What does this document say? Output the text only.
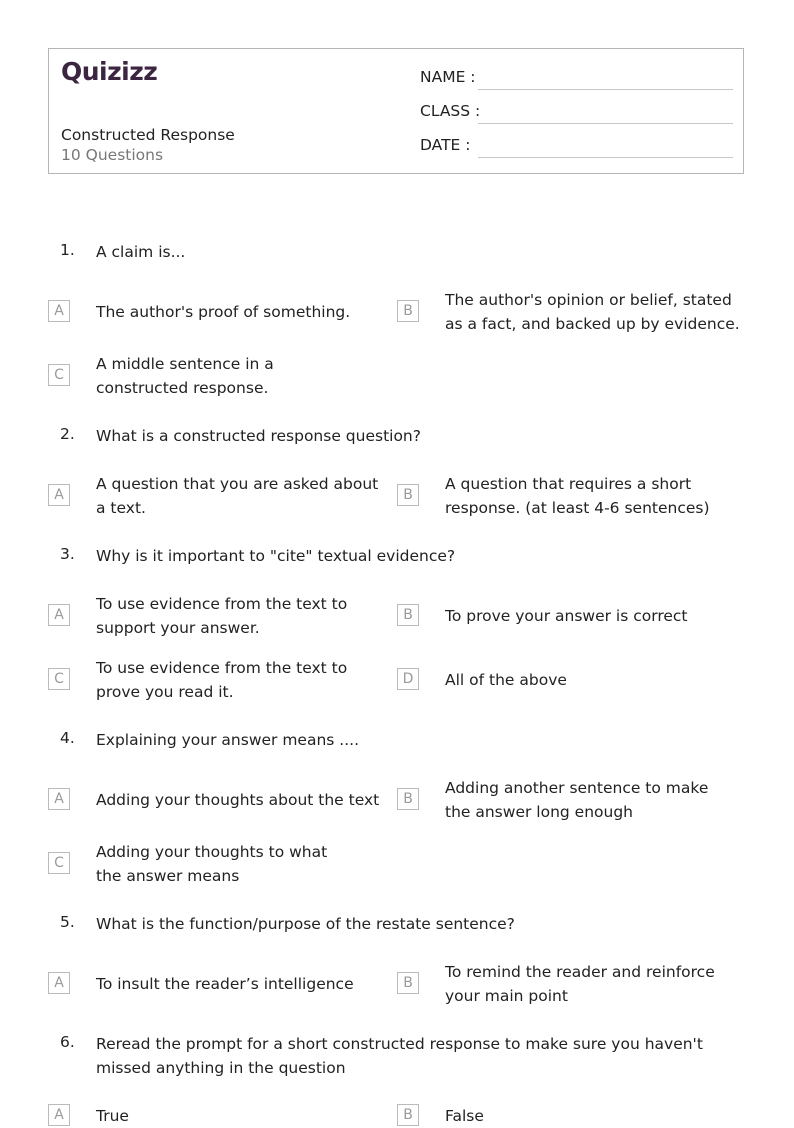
Quizizz
Constructed Response
10 Questions
NAME :
CLASS :
DATE :
1. A claim is...
A	The author's proof of something.	B
The author's opinion or belief, stated as a fact, and backed up by evidence.
C
A middle sentence in a constructed response.
2. What is a constructed response question?
A
A question that you are asked about a text.
B
A question that requires a short response. (at least 4-6 sentences)
3. Why is it important to "cite" textual evidence?
A
To use evidence from the text to support your answer.
B	To prove your answer is correct
C
To use evidence from the text to prove you read it.
D	All of the above
4. Explaining your answer means ....
A	Adding your thoughts about the text	B
Adding another sentence to make the answer long enough
C
Adding your thoughts to what the answer means
5. What is the function/purpose of the restate sentence?
A	To insult the reader’s intelligence	B
To remind the reader and reinforce your main point
6. Reread the prompt for a short constructed response to make sure you haven't missed anything in the question
A	True	B	False
